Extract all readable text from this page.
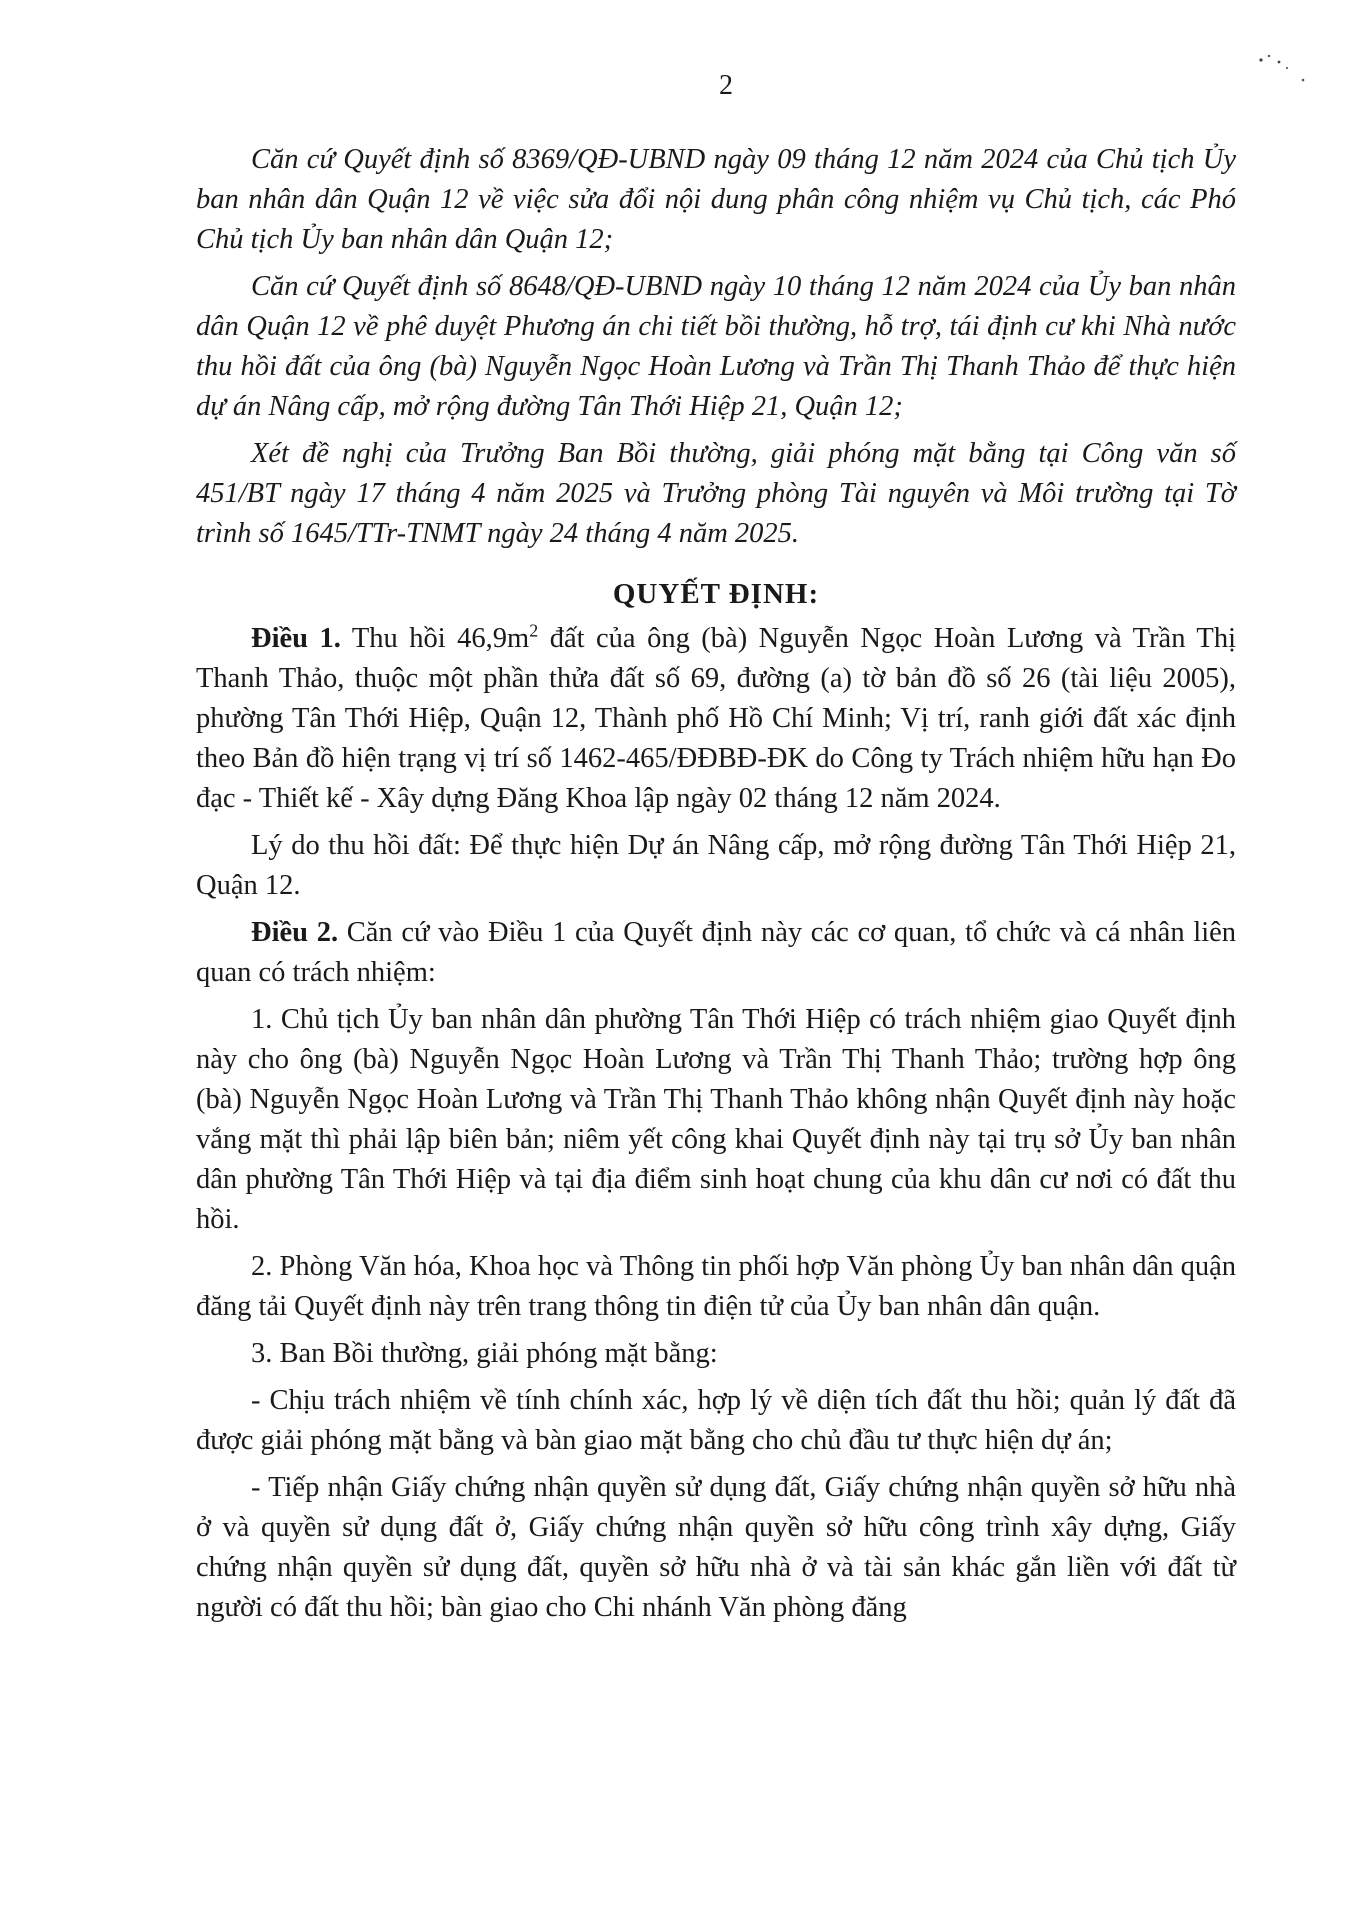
2

Căn cứ Quyết định số 8369/QĐ-UBND ngày 09 tháng 12 năm 2024 của Chủ tịch Ủy ban nhân dân Quận 12 về việc sửa đổi nội dung phân công nhiệm vụ Chủ tịch, các Phó Chủ tịch Ủy ban nhân dân Quận 12;

Căn cứ Quyết định số 8648/QĐ-UBND ngày 10 tháng 12 năm 2024 của Ủy ban nhân dân Quận 12 về phê duyệt Phương án chi tiết bồi thường, hỗ trợ, tái định cư khi Nhà nước thu hồi đất của ông (bà) Nguyễn Ngọc Hoàn Lương và Trần Thị Thanh Thảo để thực hiện dự án Nâng cấp, mở rộng đường Tân Thới Hiệp 21, Quận 12;

Xét đề nghị của Trưởng Ban Bồi thường, giải phóng mặt bằng tại Công văn số 451/BT ngày 17 tháng 4 năm 2025 và Trưởng phòng Tài nguyên và Môi trường tại Tờ trình số 1645/TTr-TNMT ngày 24 tháng 4 năm 2025.

QUYẾT ĐỊNH:

Điều 1. Thu hồi $46,9m^2$ đất của ông (bà) Nguyễn Ngọc Hoàn Lương và Trần Thị Thanh Thảo, thuộc một phần thửa đất số 69, đường (a) tờ bản đồ số 26 (tài liệu 2005), phường Tân Thới Hiệp, Quận 12, Thành phố Hồ Chí Minh; Vị trí, ranh giới đất xác định theo Bản đồ hiện trạng vị trí số 1462-465/ĐĐBĐ-ĐK do Công ty Trách nhiệm hữu hạn Đo đạc - Thiết kế - Xây dựng Đăng Khoa lập ngày 02 tháng 12 năm 2024.

Lý do thu hồi đất: Để thực hiện Dự án Nâng cấp, mở rộng đường Tân Thới Hiệp 21, Quận 12.

Điều 2. Căn cứ vào Điều 1 của Quyết định này các cơ quan, tổ chức và cá nhân liên quan có trách nhiệm:

1. Chủ tịch Ủy ban nhân dân phường Tân Thới Hiệp có trách nhiệm giao Quyết định này cho ông (bà) Nguyễn Ngọc Hoàn Lương và Trần Thị Thanh Thảo; trường hợp ông (bà) Nguyễn Ngọc Hoàn Lương và Trần Thị Thanh Thảo không nhận Quyết định này hoặc vắng mặt thì phải lập biên bản; niêm yết công khai Quyết định này tại trụ sở Ủy ban nhân dân phường Tân Thới Hiệp và tại địa điểm sinh hoạt chung của khu dân cư nơi có đất thu hồi.

2. Phòng Văn hóa, Khoa học và Thông tin phối hợp Văn phòng Ủy ban nhân dân quận đăng tải Quyết định này trên trang thông tin điện tử của Ủy ban nhân dân quận.

3. Ban Bồi thường, giải phóng mặt bằng:

- Chịu trách nhiệm về tính chính xác, hợp lý về diện tích đất thu hồi; quản lý đất đã được giải phóng mặt bằng và bàn giao mặt bằng cho chủ đầu tư thực hiện dự án;

- Tiếp nhận Giấy chứng nhận quyền sử dụng đất, Giấy chứng nhận quyền sở hữu nhà ở và quyền sử dụng đất ở, Giấy chứng nhận quyền sở hữu công trình xây dựng, Giấy chứng nhận quyền sử dụng đất, quyền sở hữu nhà ở và tài sản khác gắn liền với đất từ người có đất thu hồi; bàn giao cho Chi nhánh Văn phòng đăng
